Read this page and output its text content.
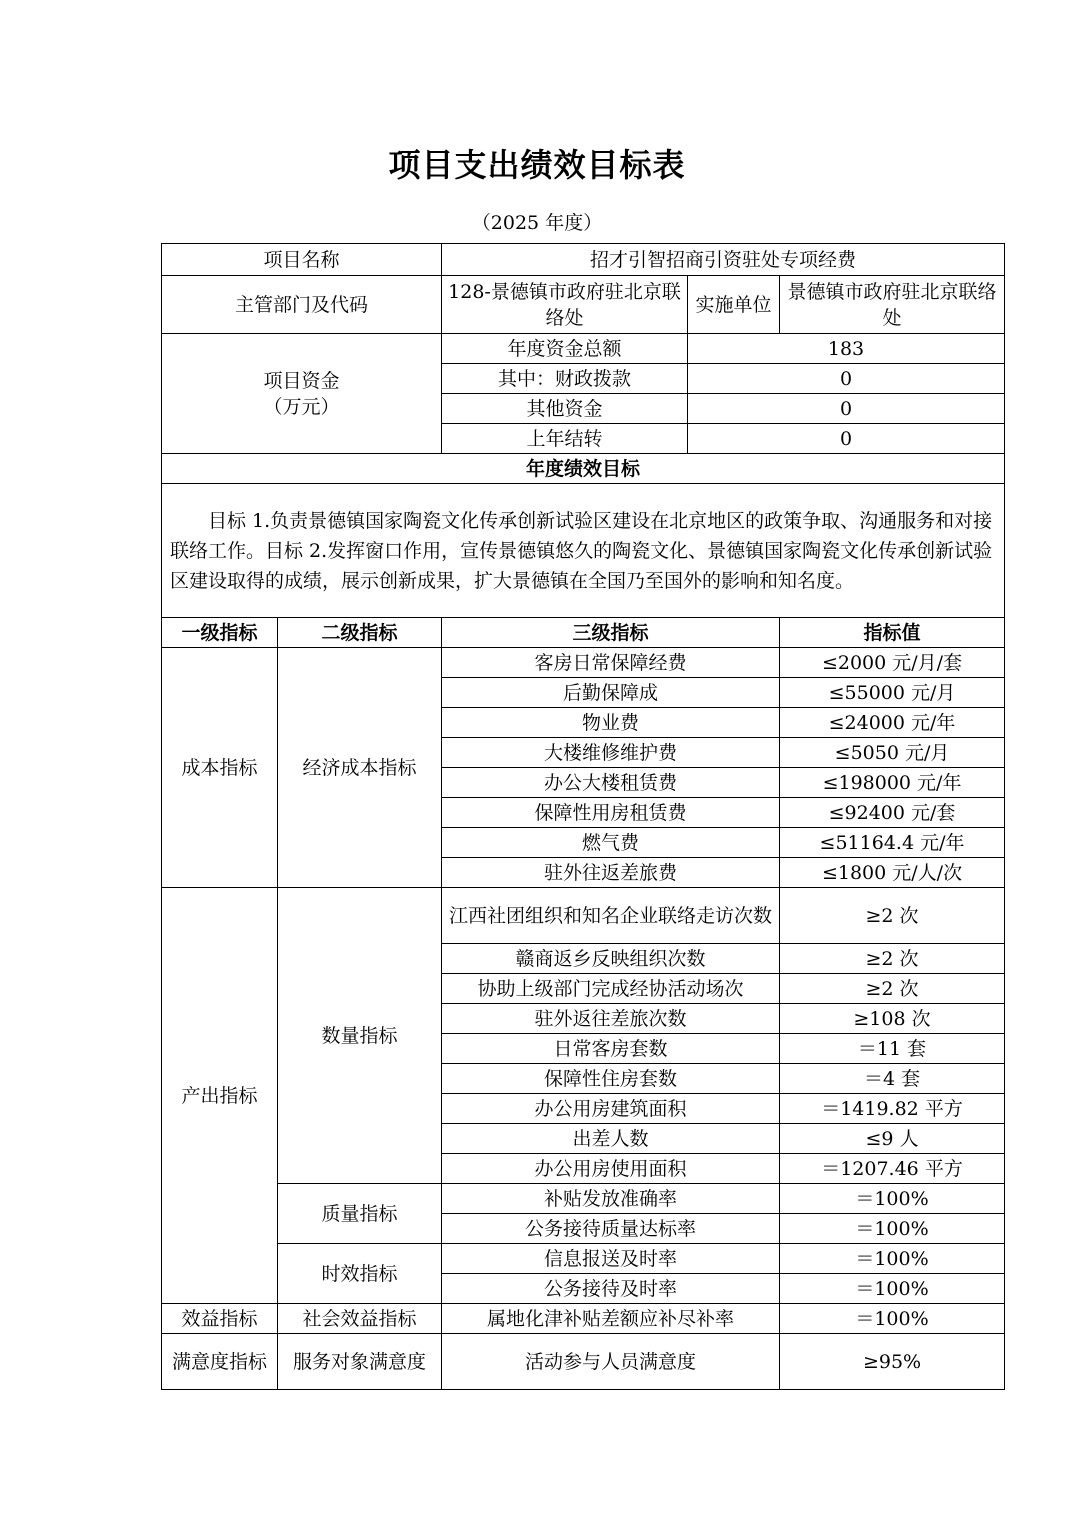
项目支出绩效目标表
（2025 年度）
项目名称		招才引智招商引资驻处专项经费		
主管部门及代码		128-景德镇市政府驻北京联络处	实施单位	景德镇市政府驻北京联络处
项目资金
（万元）		年度资金总额	183	
		其中：财政拨款	0	
		其他资金	0	
		上年结转	0	
年度绩效目标				
目标 1.负责景德镇国家陶瓷文化传承创新试验区建设在北京地区的政策争取、沟通服务和对接联络工作。目标 2.发挥窗口作用，宣传景德镇悠久的陶瓷文化、景德镇国家陶瓷文化传承创新试验区建设取得的成绩，展示创新成果，扩大景德镇在全国乃至国外的影响和知名度。				
一级指标	二级指标	三级指标		指标值
成本指标	经济成本指标	客房日常保障经费		≤2000 元/月/套
		后勤保障成		≤55000 元/月
		物业费		≤24000 元/年
		大楼维修维护费		≤5050 元/月
		办公大楼租赁费		≤198000 元/年
		保障性用房租赁费		≤92400 元/套
		燃气费		≤51164.4 元/年
		驻外往返差旅费		≤1800 元/人/次
产出指标	数量指标	江西社团组织和知名企业联络走访次数		≥2 次
		赣商返乡反映组织次数		≥2 次
		协助上级部门完成经协活动场次		≥2 次
		驻外返往差旅次数		≥108 次
		日常客房套数		＝11 套
		保障性住房套数		＝4 套
		办公用房建筑面积		＝1419.82 平方
		出差人数		≤9 人
		办公用房使用面积		＝1207.46 平方
	质量指标	补贴发放准确率		＝100%
		公务接待质量达标率		＝100%
	时效指标	信息报送及时率		＝100%
		公务接待及时率		＝100%
效益指标	社会效益指标	属地化津补贴差额应补尽补率		＝100%
满意度指标	服务对象满意度	活动参与人员满意度		≥95%
